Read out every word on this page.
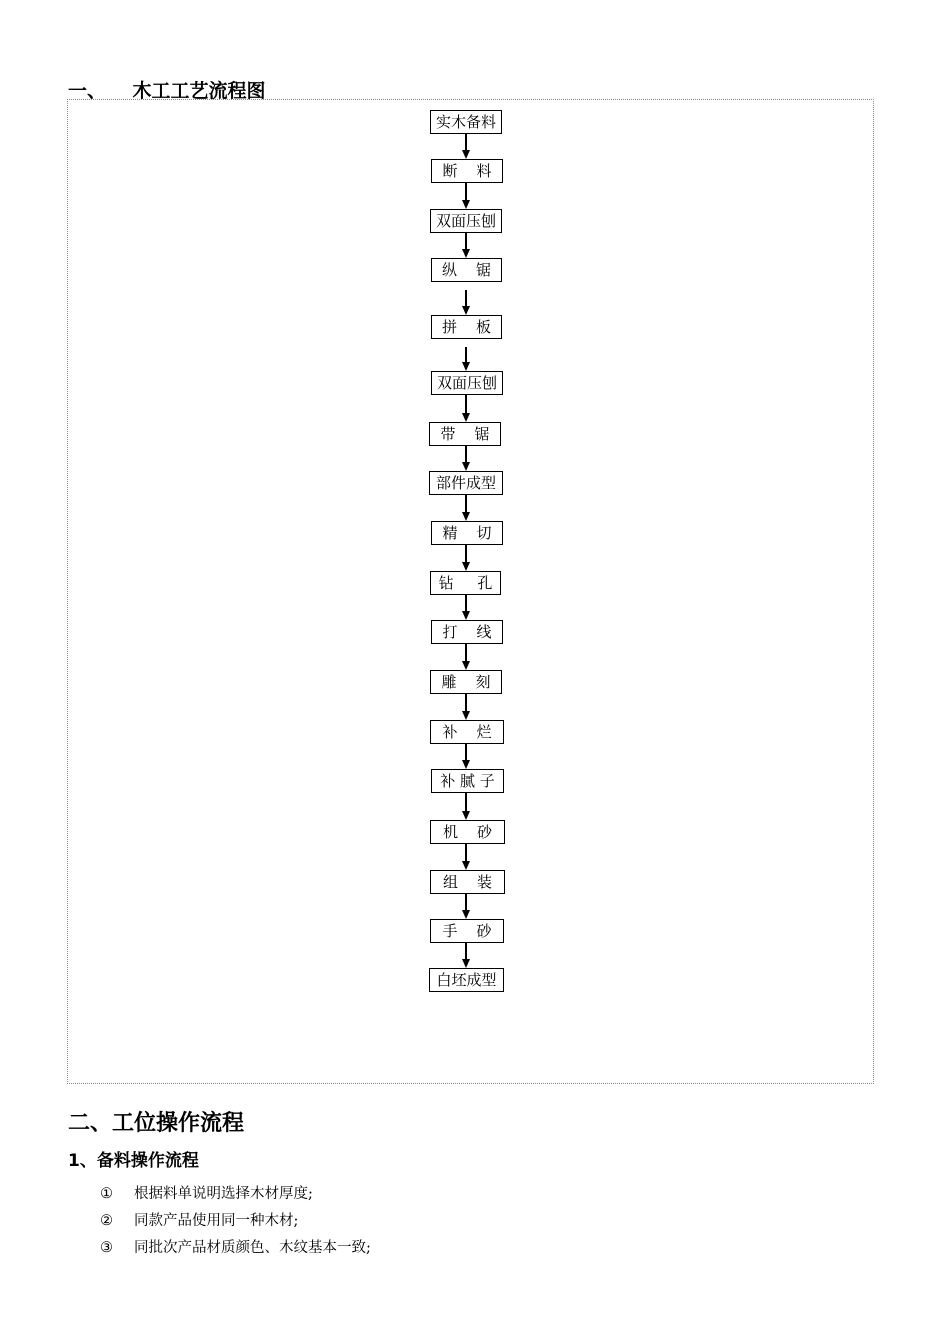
一、    木工工艺流程图
实木备料
断    料
双面压刨
纵    锯
拼    板
双面压刨
带    锯
部件成型
精    切
钻     孔
打    线
雕    刻
补    烂
补 腻 子
机    砂
组    装
手    砂
白坯成型
二、工位操作流程
1、备料操作流程
① 根据料单说明选择木材厚度;
② 同款产品使用同一种木材;
③ 同批次产品材质颜色、木纹基本一致;
